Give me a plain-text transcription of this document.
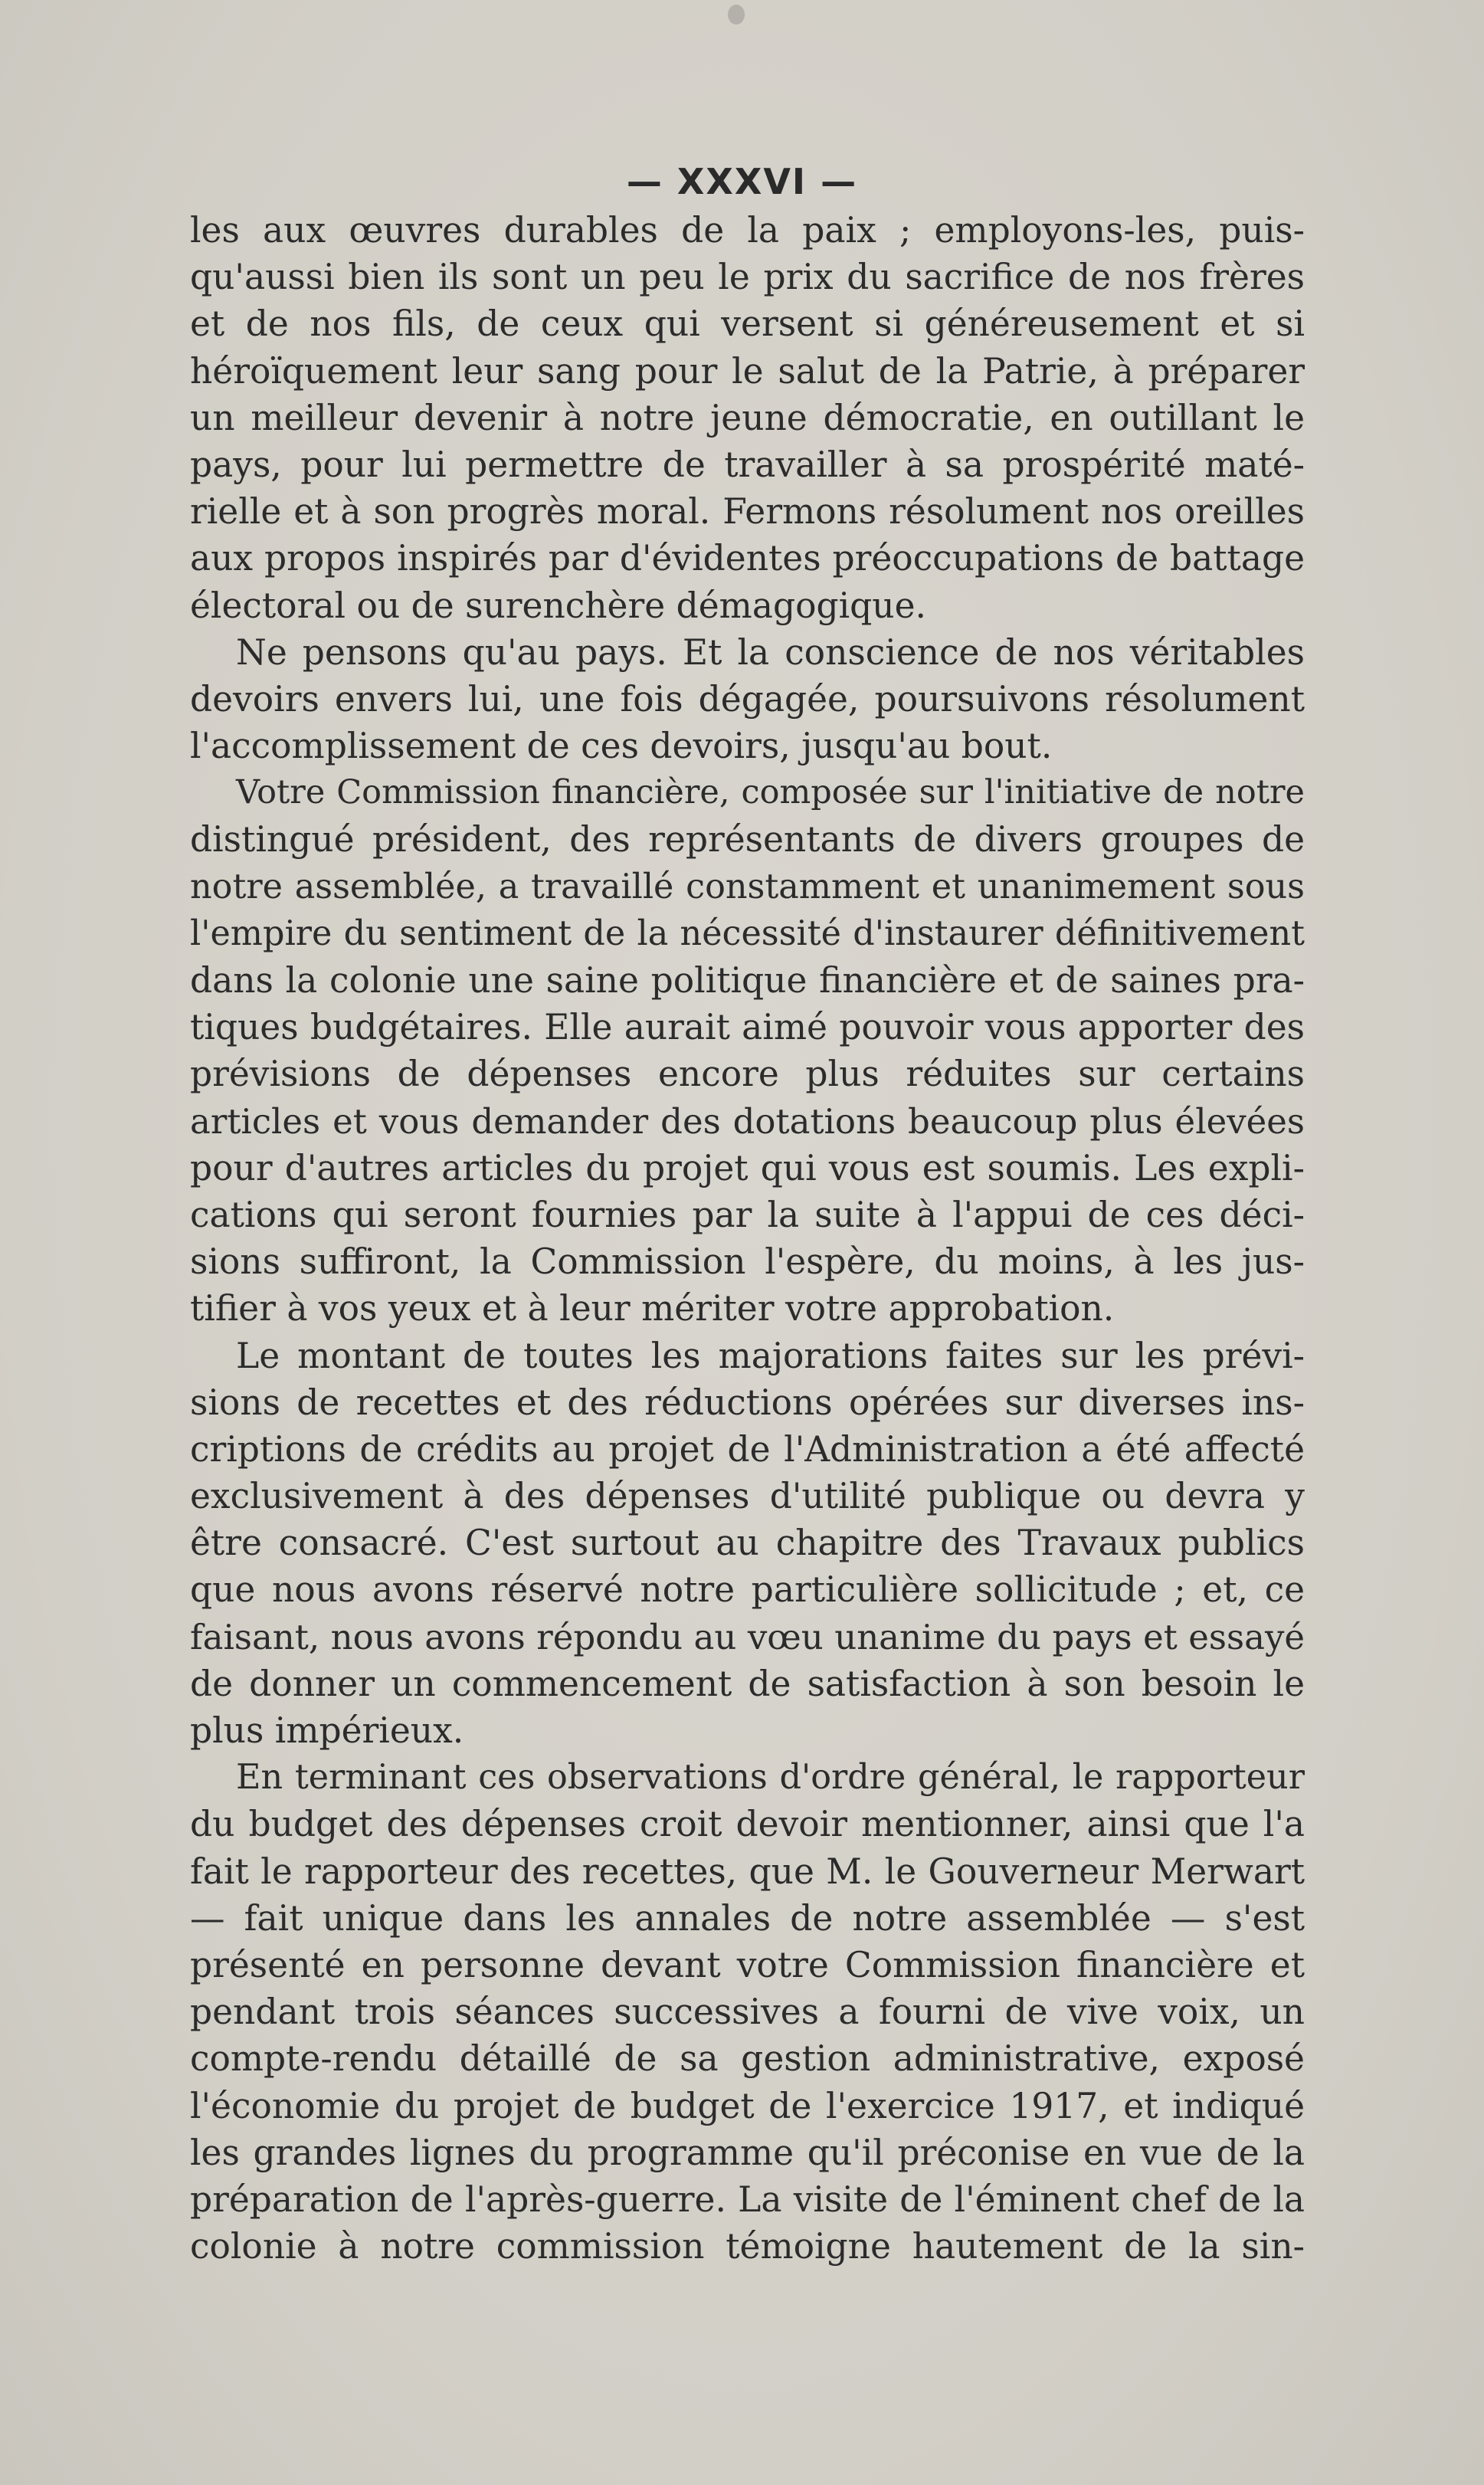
— XXXVI —
les aux œuvres durables de la paix ; employons-les, puis-
qu'aussi bien ils sont un peu le prix du sacrifice de nos frères
et de nos fils, de ceux qui versent si généreusement et si
héroïquement leur sang pour le salut de la Patrie, à préparer
un meilleur devenir à notre jeune démocratie, en outillant le
pays, pour lui permettre de travailler à sa prospérité maté-
rielle et à son progrès moral. Fermons résolument nos oreilles
aux propos inspirés par d'évidentes préoccupations de battage
électoral ou de surenchère démagogique.
Ne pensons qu'au pays. Et la conscience de nos véritables
devoirs envers lui, une fois dégagée, poursuivons résolument
l'accomplissement de ces devoirs, jusqu'au bout.
Votre Commission financière, composée sur l'initiative de notre
distingué président, des représentants de divers groupes de
notre assemblée, a travaillé constamment et unanimement sous
l'empire du sentiment de la nécessité d'instaurer définitivement
dans la colonie une saine politique financière et de saines pra-
tiques budgétaires. Elle aurait aimé pouvoir vous apporter des
prévisions de dépenses encore plus réduites sur certains
articles et vous demander des dotations beaucoup plus élevées
pour d'autres articles du projet qui vous est soumis. Les expli-
cations qui seront fournies par la suite à l'appui de ces déci-
sions suffiront, la Commission l'espère, du moins, à les jus-
tifier à vos yeux et à leur mériter votre approbation.
Le montant de toutes les majorations faites sur les prévi-
sions de recettes et des réductions opérées sur diverses ins-
criptions de crédits au projet de l'Administration a été affecté
exclusivement à des dépenses d'utilité publique ou devra y
être consacré. C'est surtout au chapitre des Travaux publics
que nous avons réservé notre particulière sollicitude ; et, ce
faisant, nous avons répondu au vœu unanime du pays et essayé
de donner un commencement de satisfaction à son besoin le
plus impérieux.
En terminant ces observations d'ordre général, le rapporteur
du budget des dépenses croit devoir mentionner, ainsi que l'a
fait le rapporteur des recettes, que M. le Gouverneur Merwart
— fait unique dans les annales de notre assemblée — s'est
présenté en personne devant votre Commission financière et
pendant trois séances successives a fourni de vive voix, un
compte-rendu détaillé de sa gestion administrative, exposé
l'économie du projet de budget de l'exercice 1917, et indiqué
les grandes lignes du programme qu'il préconise en vue de la
préparation de l'après-guerre. La visite de l'éminent chef de la
colonie à notre commission témoigne hautement de la sin-
